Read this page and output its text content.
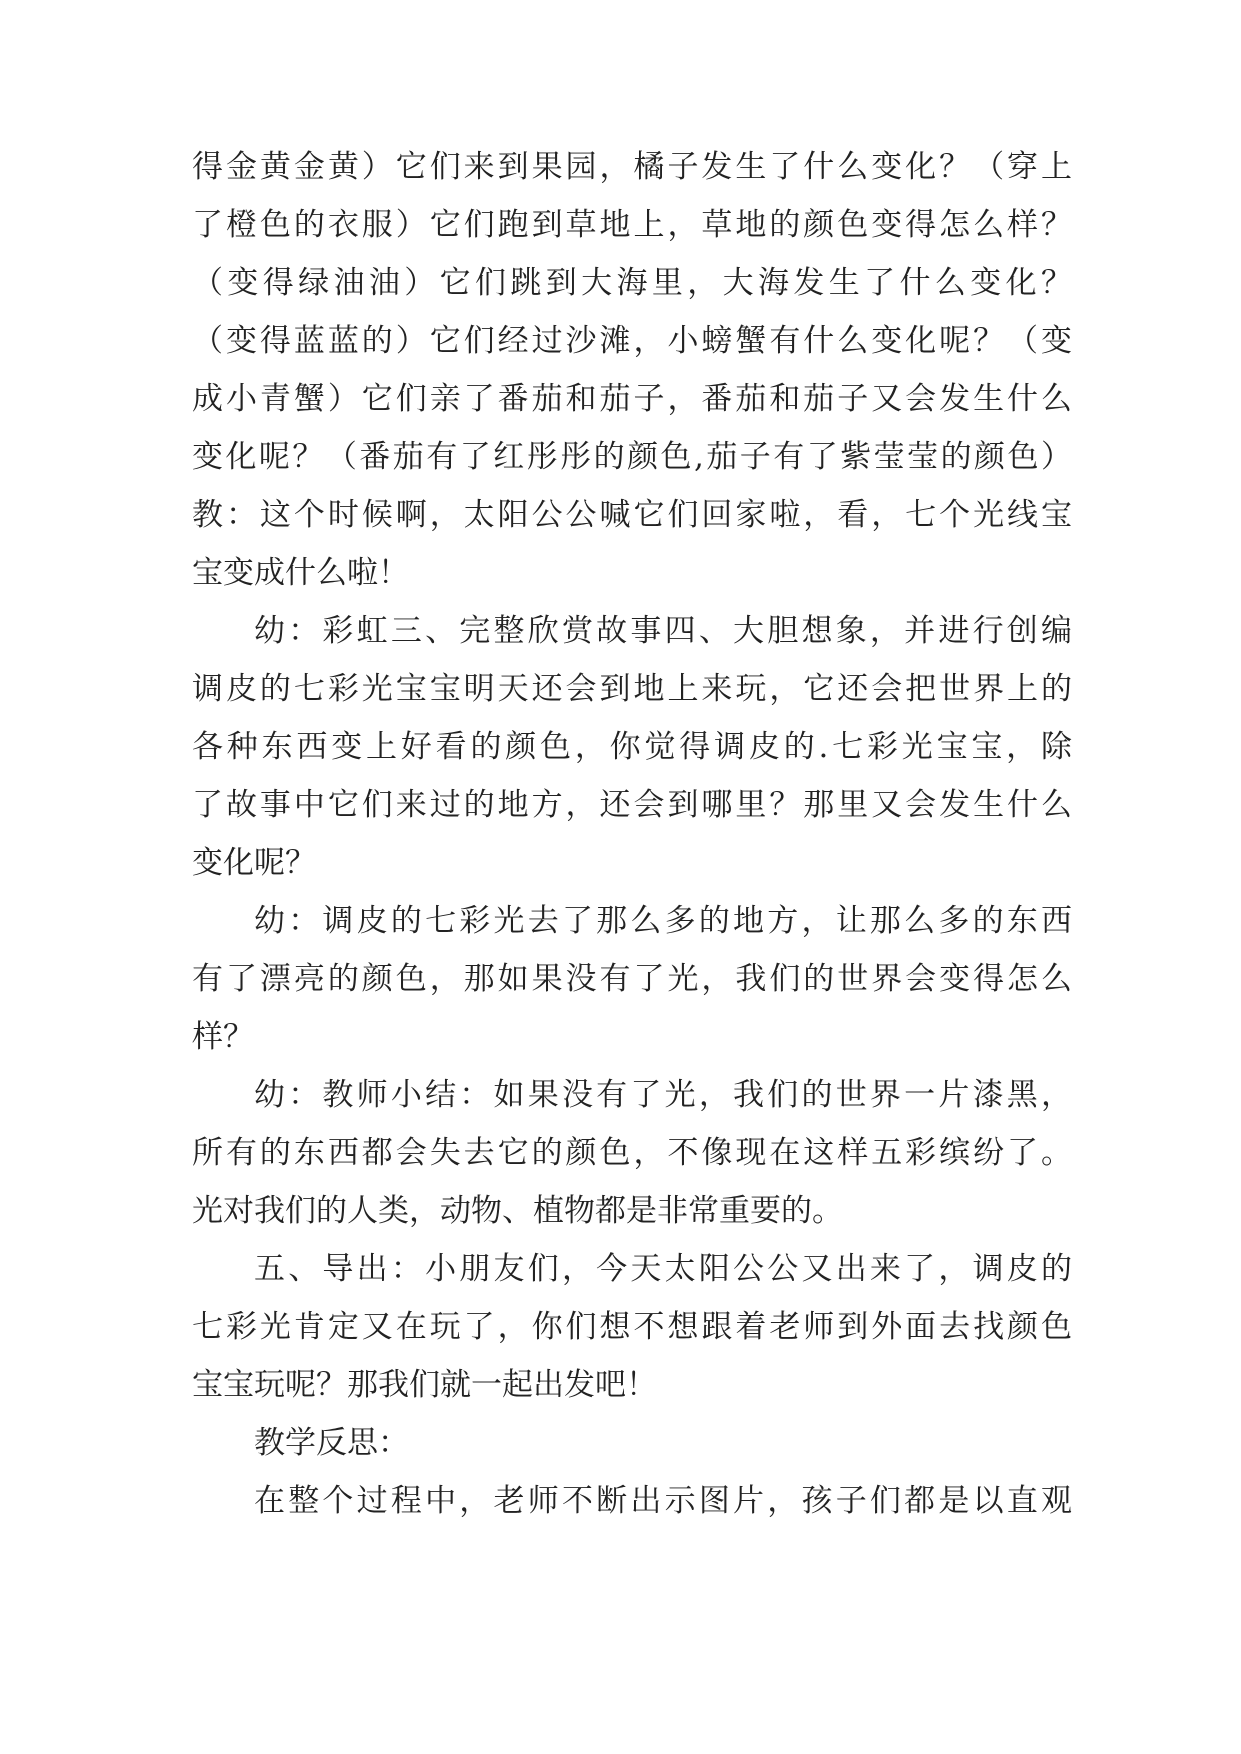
得金黄金黄）它们来到果园，橘子发生了什么变化？（穿上
了橙色的衣服）它们跑到草地上，草地的颜色变得怎么样？
（变得绿油油）它们跳到大海里，大海发生了什么变化？
（变得蓝蓝的）它们经过沙滩，小螃蟹有什么变化呢？（变
成小青蟹）它们亲了番茄和茄子，番茄和茄子又会发生什么
变化呢？（番茄有了红彤彤的颜色,茄子有了紫莹莹的颜色）
教：这个时候啊，太阳公公喊它们回家啦，看，七个光线宝
宝变成什么啦！
幼：彩虹三、完整欣赏故事四、大胆想象，并进行创编
调皮的七彩光宝宝明天还会到地上来玩，它还会把世界上的
各种东西变上好看的颜色，你觉得调皮的.七彩光宝宝，除
了故事中它们来过的地方，还会到哪里？那里又会发生什么
变化呢？
幼：调皮的七彩光去了那么多的地方，让那么多的东西
有了漂亮的颜色，那如果没有了光，我们的世界会变得怎么
样？
幼：教师小结：如果没有了光，我们的世界一片漆黑，
所有的东西都会失去它的颜色，不像现在这样五彩缤纷了。
光对我们的人类，动物、植物都是非常重要的。
五、导出：小朋友们，今天太阳公公又出来了，调皮的
七彩光肯定又在玩了，你们想不想跟着老师到外面去找颜色
宝宝玩呢？那我们就一起出发吧！
教学反思：
在整个过程中，老师不断出示图片，孩子们都是以直观
